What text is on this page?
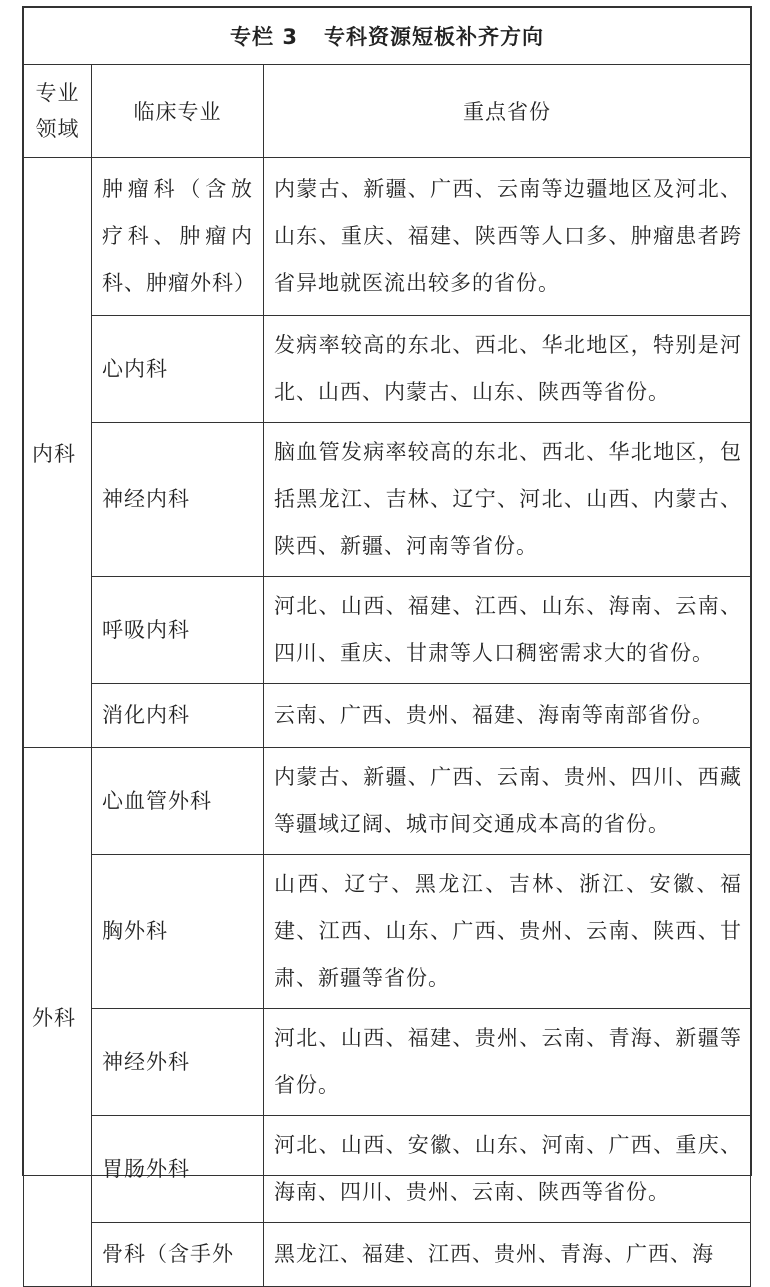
专栏 3 专科资源短板补齐方向		
专业
领域	临床专业	重点省份
内科	肿瘤科（含放疗科、肿瘤内科、肿瘤外科）	内蒙古、新疆、广西、云南等边疆地区及河北、山东、重庆、福建、陕西等人口多、肿瘤患者跨省异地就医流出较多的省份。
	心内科	发病率较高的东北、西北、华北地区，特别是河北、山西、内蒙古、山东、陕西等省份。
	神经内科	脑血管发病率较高的东北、西北、华北地区，包括黑龙江、吉林、辽宁、河北、山西、内蒙古、陕西、新疆、河南等省份。
	呼吸内科	河北、山西、福建、江西、山东、海南、云南、四川、重庆、甘肃等人口稠密需求大的省份。
	消化内科	云南、广西、贵州、福建、海南等南部省份。
外科	心血管外科	内蒙古、新疆、广西、云南、贵州、四川、西藏等疆域辽阔、城市间交通成本高的省份。
	胸外科	山西、辽宁、黑龙江、吉林、浙江、安徽、福建、江西、山东、广西、贵州、云南、陕西、甘肃、新疆等省份。
	神经外科	河北、山西、福建、贵州、云南、青海、新疆等省份。
	胃肠外科	河北、山西、安徽、山东、河南、广西、重庆、海南、四川、贵州、云南、陕西等省份。
	骨科（含手外	黑龙江、福建、江西、贵州、青海、广西、海
